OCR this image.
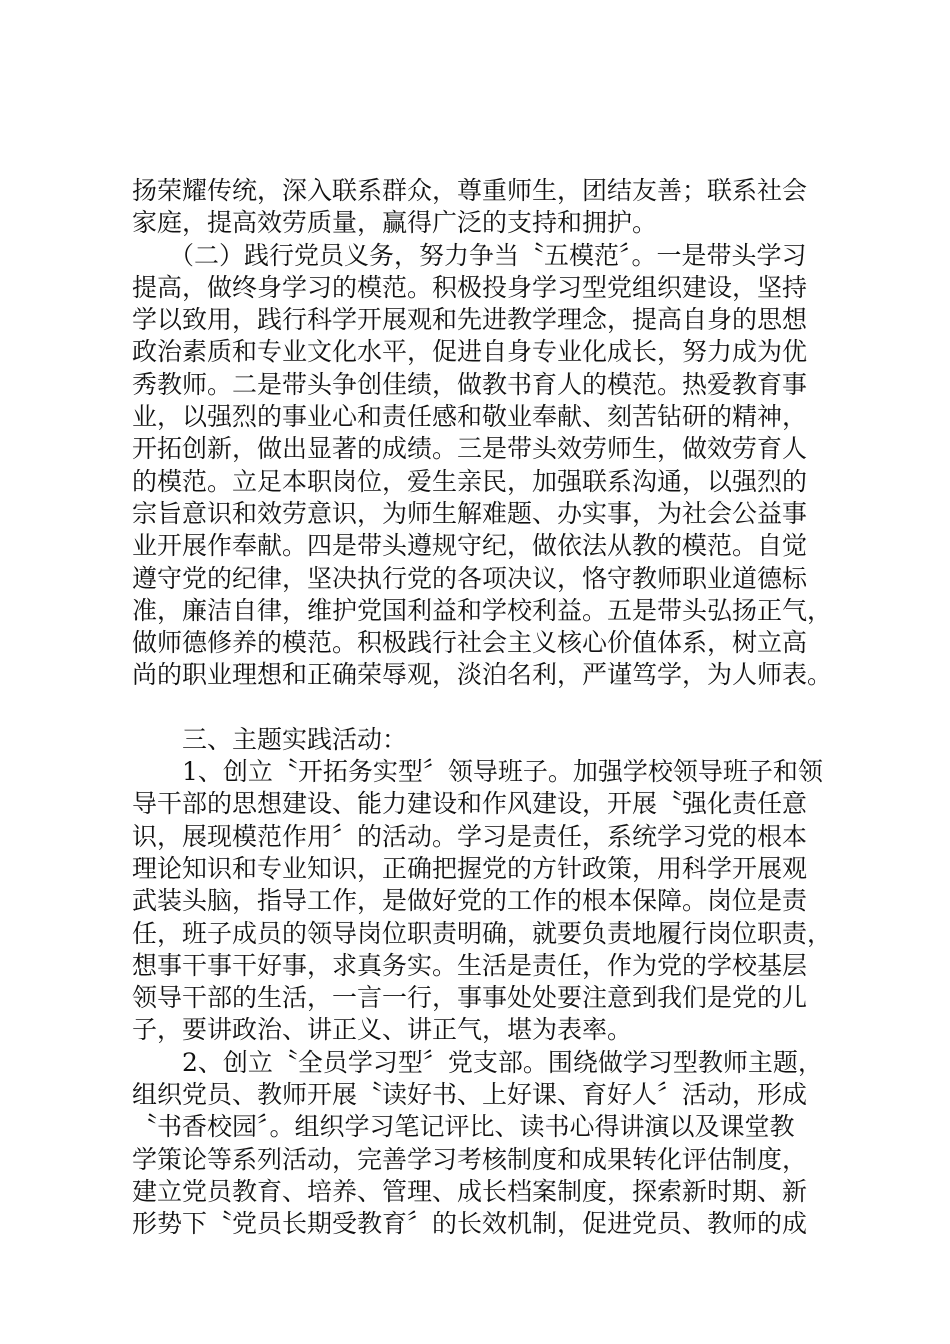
扬荣耀传统，深入联系群众，尊重师生，团结友善；联系社会
家庭，提高效劳质量，赢得广泛的支持和拥护。
（二）践行党员义务，努力争当〝五模范〞。一是带头学习
提高，做终身学习的模范。积极投身学习型党组织建设，坚持
学以致用，践行科学开展观和先进教学理念，提高自身的思想
政治素质和专业文化水平，促进自身专业化成长，努力成为优
秀教师。二是带头争创佳绩，做教书育人的模范。热爱教育事
业，以强烈的事业心和责任感和敬业奉献、刻苦钻研的精神，
开拓创新，做出显著的成绩。三是带头效劳师生，做效劳育人
的模范。立足本职岗位，爱生亲民，加强联系沟通，以强烈的
宗旨意识和效劳意识，为师生解难题、办实事，为社会公益事
业开展作奉献。四是带头遵规守纪，做依法从教的模范。自觉
遵守党的纪律，坚决执行党的各项决议，恪守教师职业道德标
准，廉洁自律，维护党国利益和学校利益。五是带头弘扬正气，
做师德修养的模范。积极践行社会主义核心价值体系，树立高
尚的职业理想和正确荣辱观，淡泊名利，严谨笃学，为人师表。
三、主题实践活动：
1、创立〝开拓务实型〞领导班子。加强学校领导班子和领
导干部的思想建设、能力建设和作风建设，开展〝强化责任意
识，展现模范作用〞的活动。学习是责任，系统学习党的根本
理论知识和专业知识，正确把握党的方针政策，用科学开展观
武装头脑，指导工作，是做好党的工作的根本保障。岗位是责
任，班子成员的领导岗位职责明确，就要负责地履行岗位职责，
想事干事干好事，求真务实。生活是责任，作为党的学校基层
领导干部的生活，一言一行，事事处处要注意到我们是党的儿
子，要讲政治、讲正义、讲正气，堪为表率。
2、创立〝全员学习型〞党支部。围绕做学习型教师主题，
组织党员、教师开展〝读好书、上好课、育好人〞活动，形成
〝书香校园〞。组织学习笔记评比、读书心得讲演以及课堂教
学策论等系列活动，完善学习考核制度和成果转化评估制度，
建立党员教育、培养、管理、成长档案制度，探索新时期、新
形势下〝党员长期受教育〞的长效机制，促进党员、教师的成
